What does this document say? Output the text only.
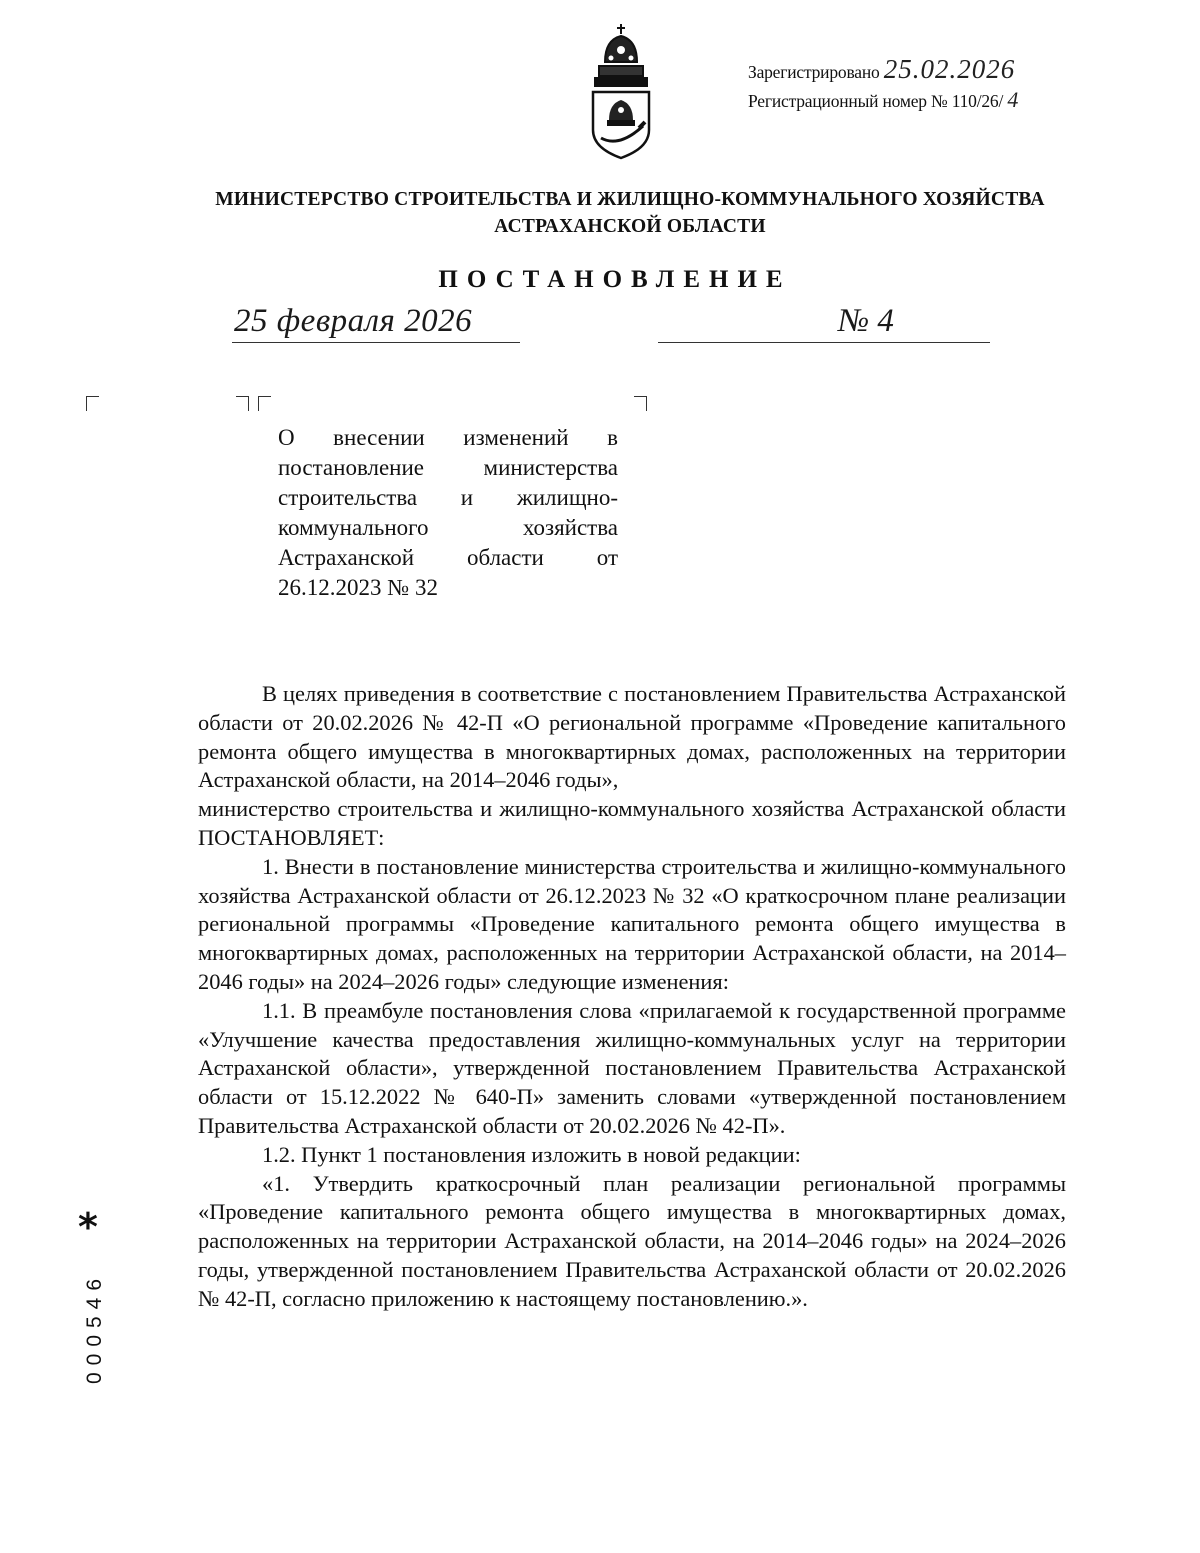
Зарегистрировано 25.02.2026
Регистрационный номер № 110/26/ 4
МИНИСТЕРСТВО СТРОИТЕЛЬСТВА И ЖИЛИЩНО-КОММУНАЛЬНОГО ХОЗЯЙСТВА
АСТРАХАНСКОЙ ОБЛАСТИ
ПОСТАНОВЛЕНИЕ
25 февраля 2026	№ 4
О внесении изменений в постановление министерства строительства и жилищно-коммунального хозяйства Астраханской области от 26.12.2023 № 32

В целях приведения в соответствие с постановлением Правительства Астраханской области от 20.02.2026 № 42-П «О региональной программе «Проведение капитального ремонта общего имущества в многоквартирных домах, расположенных на территории Астраханской области, на 2014–2046 годы»,

министерство строительства и жилищно-коммунального хозяйства Астраханской области ПОСТАНОВЛЯЕТ:

1. Внести в постановление министерства строительства и жилищно-коммунального хозяйства Астраханской области от 26.12.2023 № 32 «О краткосрочном плане реализации региональной программы «Проведение капитального ремонта общего имущества в многоквартирных домах, расположенных на территории Астраханской области, на 2014–2046 годы» на 2024–2026 годы» следующие изменения:

1.1. В преамбуле постановления слова «прилагаемой к государственной программе «Улучшение качества предоставления жилищно-коммунальных услуг на территории Астраханской области», утвержденной постановлением Правительства Астраханской области от 15.12.2022 № 640-П» заменить словами «утвержденной постановлением Правительства Астраханской области от 20.02.2026 № 42-П».

1.2. Пункт 1 постановления изложить в новой редакции:

«1. Утвердить краткосрочный план реализации региональной программы «Проведение капитального ремонта общего имущества в многоквартирных домах, расположенных на территории Астраханской области, на 2014–2046 годы» на 2024–2026 годы, утвержденной постановлением Правительства Астраханской области от 20.02.2026 № 42-П, согласно приложению к настоящему постановлению.».

*
000546
